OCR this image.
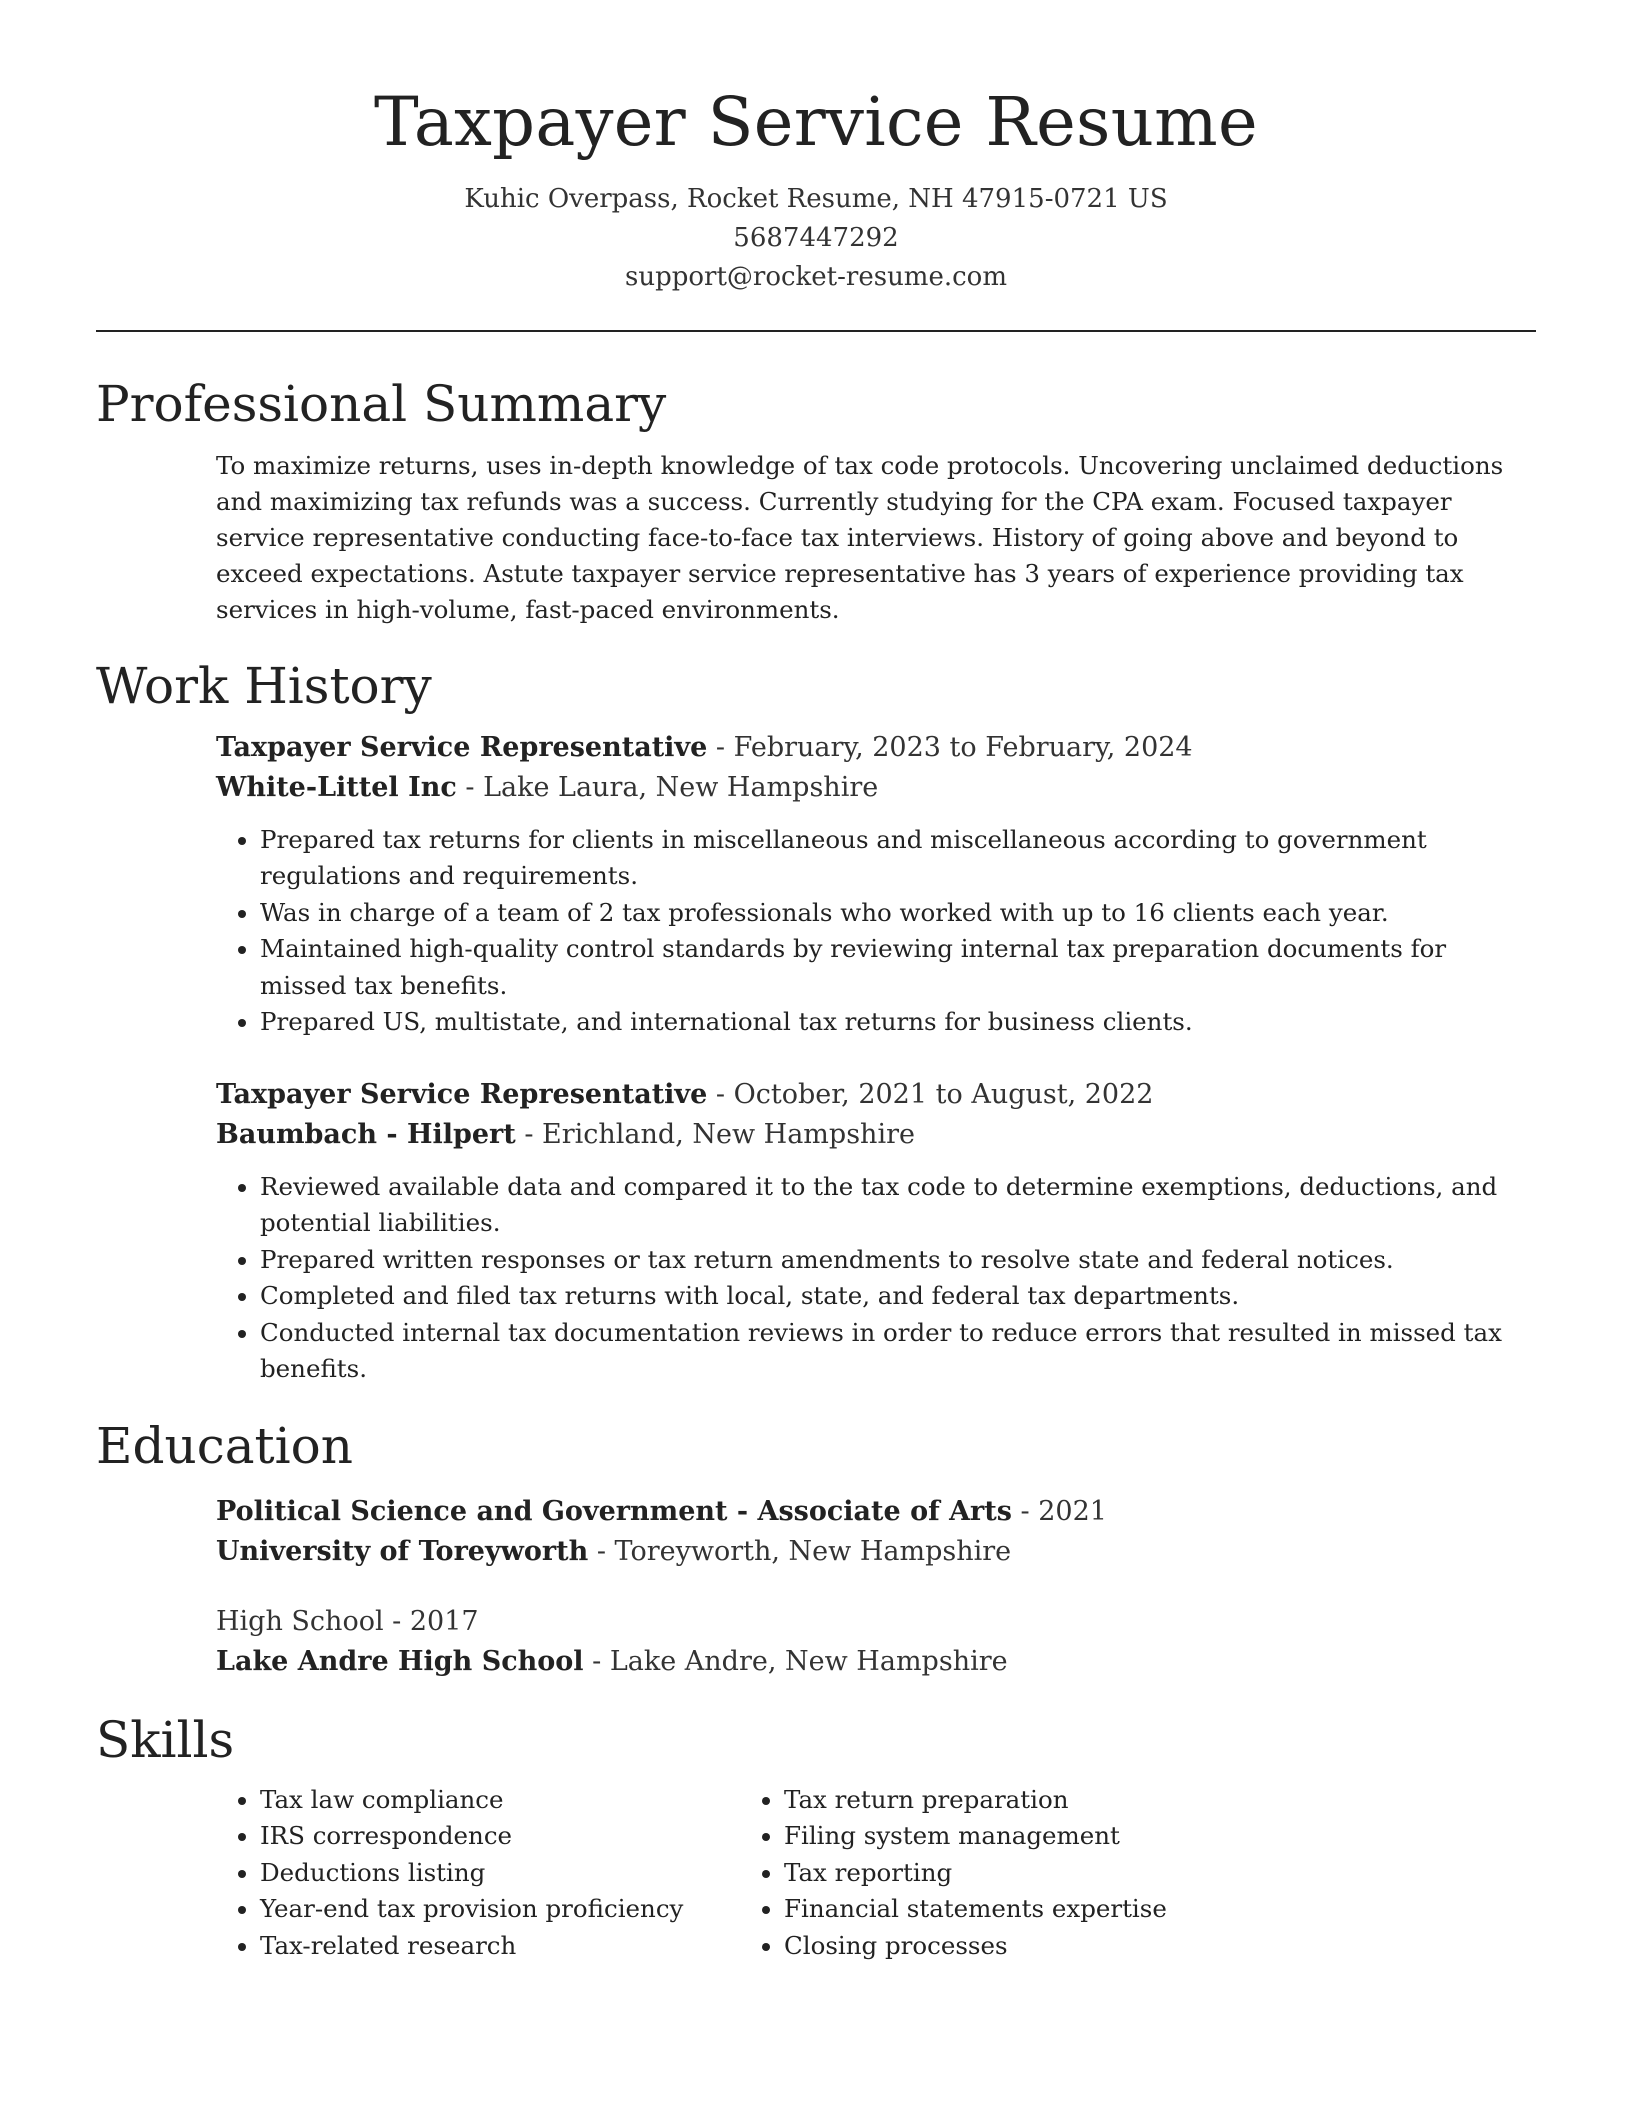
Taxpayer Service Resume
Kuhic Overpass, Rocket Resume, NH 47915-0721 US
5687447292
support@rocket-resume.com
Professional Summary
To maximize returns, uses in-depth knowledge of tax code protocols. Uncovering unclaimed deductions and maximizing tax refunds was a success. Currently studying for the CPA exam. Focused taxpayer service representative conducting face-to-face tax interviews. History of going above and beyond to exceed expectations. Astute taxpayer service representative has 3 years of experience providing tax services in high-volume, fast-paced environments.
Work History
Taxpayer Service Representative - February, 2023 to February, 2024
White-Littel Inc - Lake Laura, New Hampshire
• Prepared tax returns for clients in miscellaneous and miscellaneous according to government regulations and requirements.
• Was in charge of a team of 2 tax professionals who worked with up to 16 clients each year.
• Maintained high-quality control standards by reviewing internal tax preparation documents for missed tax benefits.
• Prepared US, multistate, and international tax returns for business clients.
Taxpayer Service Representative - October, 2021 to August, 2022
Baumbach - Hilpert - Erichland, New Hampshire
• Reviewed available data and compared it to the tax code to determine exemptions, deductions, and potential liabilities.
• Prepared written responses or tax return amendments to resolve state and federal notices.
• Completed and filed tax returns with local, state, and federal tax departments.
• Conducted internal tax documentation reviews in order to reduce errors that resulted in missed tax benefits.
Education
Political Science and Government - Associate of Arts - 2021
University of Toreyworth - Toreyworth, New Hampshire
High School - 2017
Lake Andre High School - Lake Andre, New Hampshire
Skills
• Tax law compliance
• IRS correspondence
• Deductions listing
• Year-end tax provision proficiency
• Tax-related research
• Tax return preparation
• Filing system management
• Tax reporting
• Financial statements expertise
• Closing processes
